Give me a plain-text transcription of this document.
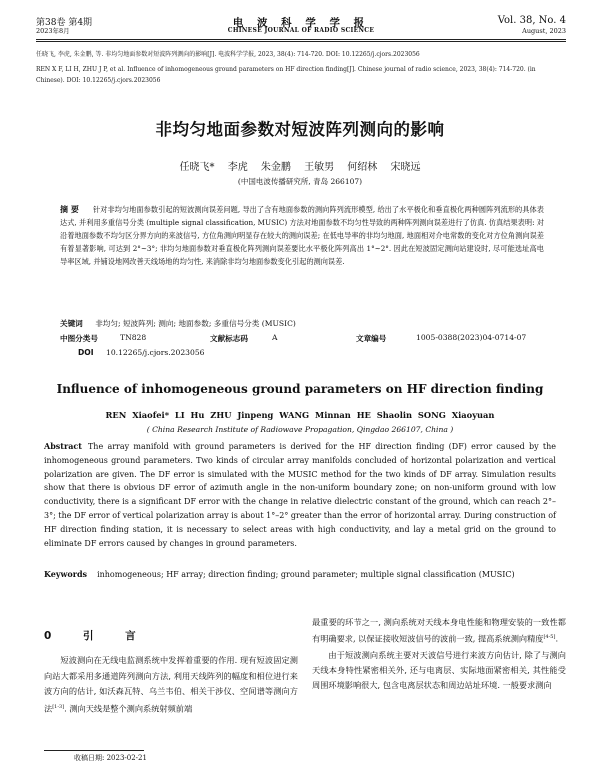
第38卷 第4期
2023年8月
电 波 科 学 学 报
CHINESE JOURNAL OF RADIO SCIENCE
Vol. 38, No. 4
August, 2023
任晓飞, 李虎, 朱金鹏, 等. 非均匀地面参数对短波阵列测向的影响[J]. 电波科学学报, 2023, 38(4): 714-720. DOI: 10.12265/j.cjors.2023056
REN X F, LI H, ZHU J P, et al. Influence of inhomogeneous ground parameters on HF direction finding[J]. Chinese journal of radio science, 2023, 38(4): 714-720. (in Chinese). DOI: 10.12265/j.cjors.2023056
非均匀地面参数对短波阵列测向的影响
任晓飞* 李虎 朱金鹏 王敏男 何绍林 宋晓远
(中国电波传播研究所, 青岛 266107)
摘 要 针对非均匀地面参数引起的短波测向误差问题, 导出了含有地面参数的测向阵列流形模型, 给出了水平极化和垂直极化两种圆阵列流形的具体表达式, 并利用多重信号分类 (multiple signal classification, MUSIC) 方法对地面参数不均匀性导致的两种阵列测向误差进行了仿真. 仿真结果表明: 对沿着地面参数不均匀区分界方向的来波信号, 方位角测向明显存在较大的测向误差; 在低电导率的非均匀地面, 地面相对介电常数的变化对方位角测向误差有着显著影响, 可达到 2°~3°; 非均匀地面参数对垂直极化阵列测向误差要比水平极化阵列高出 1°~2°. 因此在短波固定测向站建设时, 尽可能选址高电导率区域, 并铺设地网改善天线场地的均匀性, 来消除非均匀地面参数变化引起的测向误差.
关键词 非均匀; 短波阵列; 测向; 地面参数; 多重信号分类 (MUSIC)
中图分类号	TN828	文献标志码	A	文章编号	1005-0388(2023)04-0714-07
DOI 10.12265/j.cjors.2023056
Influence of inhomogeneous ground parameters on HF direction finding
REN Xiaofei* LI Hu ZHU Jinpeng WANG Minnan HE Shaolin SONG Xiaoyuan
( China Research Institute of Radiowave Propagation, Qingdao 266107, China )
Abstract The array manifold with ground parameters is derived for the HF direction finding (DF) error caused by the inhomogeneous ground parameters. Two kinds of circular array manifolds concluded of horizontal polarization and vertical polarization are given. The DF error is simulated with the MUSIC method for the two kinds of DF array. Simulation results show that there is obvious DF error of azimuth angle in the non-uniform boundary zone; on non-uniform ground with low conductivity, there is a significant DF error with the change in relative dielectric constant of the ground, which can reach 2°–3°; the DF error of vertical polarization array is about 1°–2° greater than the error of horizontal array. During construction of HF direction finding station, it is necessary to select areas with high conductivity, and lay a metal grid on the ground to eliminate DF errors caused by changes in ground parameters.
Keywords inhomogeneous; HF array; direction finding; ground parameter; multiple signal classification (MUSIC)
0 引 言
短波测向在无线电监测系统中发挥着重要的作用. 现有短波固定测向站大都采用多通道阵列测向方法, 利用天线阵列的幅度和相位进行来波方向的估计, 如沃森瓦特、乌兰韦伯、相关干涉仪、空间谱等测向方法[1-3]. 测向天线是整个测向系统射频前端
最重要的环节之一, 测向系统对天线本身电性能和物理安装的一致性都有明确要求, 以保证接收短波信号的波前一致, 提高系统测向精度[4-5].
由于短波测向系统主要对天波信号进行来波方向估计, 除了与测向天线本身特性紧密相关外, 还与电离层、实际地面紧密相关, 其性能受周围环境影响很大, 包含电离层状态和周边站址环境. 一般要求测向
收稿日期: 2023-02-21
